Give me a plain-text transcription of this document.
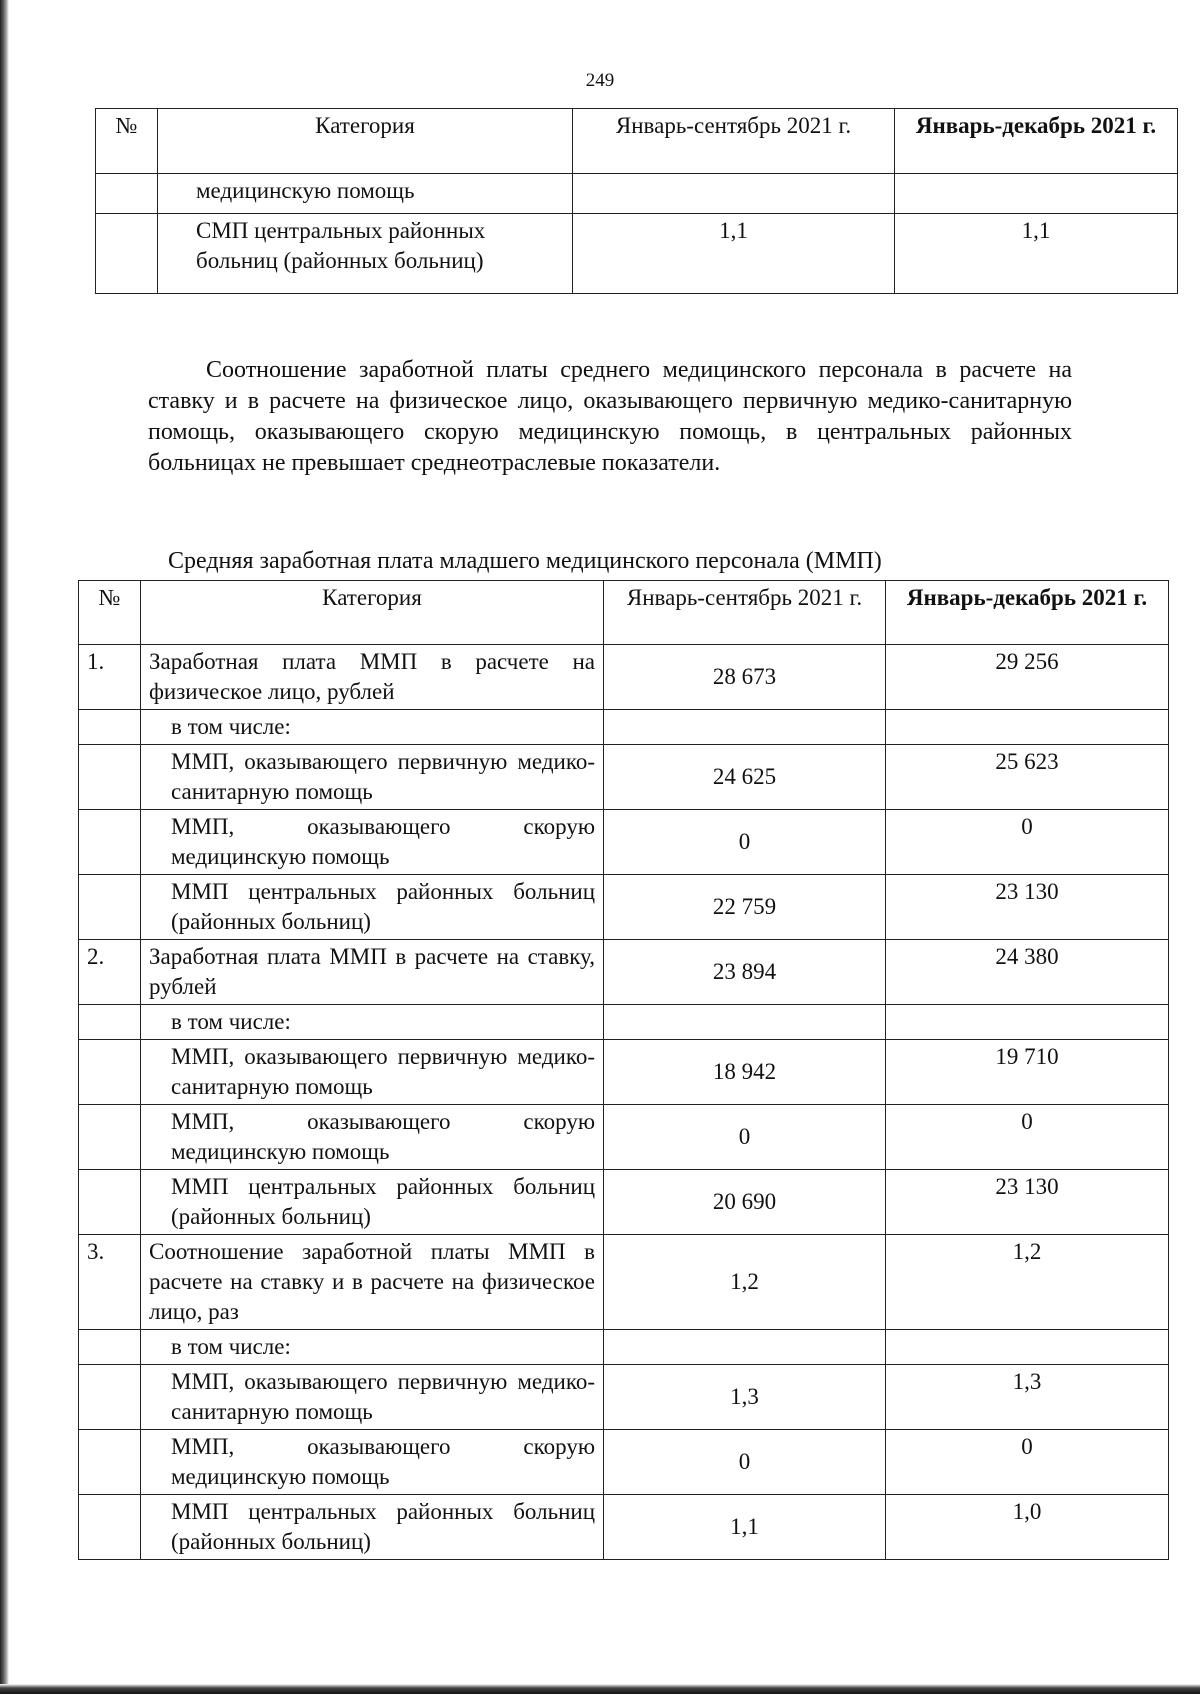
249
№	Категория	Январь-сентябрь 2021 г.	Январь-декабрь 2021 г.
	медицинскую помощь		
	СМП центральных районных больниц (районных больниц)	1,1	1,1
Соотношение заработной платы среднего медицинского персонала в расчете на ставку и в расчете на физическое лицо, оказывающего первичную медико-санитарную помощь, оказывающего скорую медицинскую помощь, в центральных районных больницах не превышает среднеотраслевые показатели.
Средняя заработная плата младшего медицинского персонала (ММП)
№	Категория	Январь-сентябрь 2021 г.	Январь-декабрь 2021 г.
1.	Заработная плата ММП в расчете на физическое лицо, рублей	28 673	29 256
	в том числе:		
	ММП, оказывающего первичную медико-санитарную помощь	24 625	25 623
	ММП, оказывающего скорую медицинскую помощь	0	0
	ММП центральных районных больниц (районных больниц)	22 759	23 130
2.	Заработная плата ММП в расчете на ставку, рублей	23 894	24 380
	в том числе:		
	ММП, оказывающего первичную медико-санитарную помощь	18 942	19 710
	ММП, оказывающего скорую медицинскую помощь	0	0
	ММП центральных районных больниц (районных больниц)	20 690	23 130
3.	Соотношение заработной платы ММП в расчете на ставку и в расчете на физическое лицо, раз	1,2	1,2
	в том числе:		
	ММП, оказывающего первичную медико-санитарную помощь	1,3	1,3
	ММП, оказывающего скорую медицинскую помощь	0	0
	ММП центральных районных больниц (районных больниц)	1,1	1,0
